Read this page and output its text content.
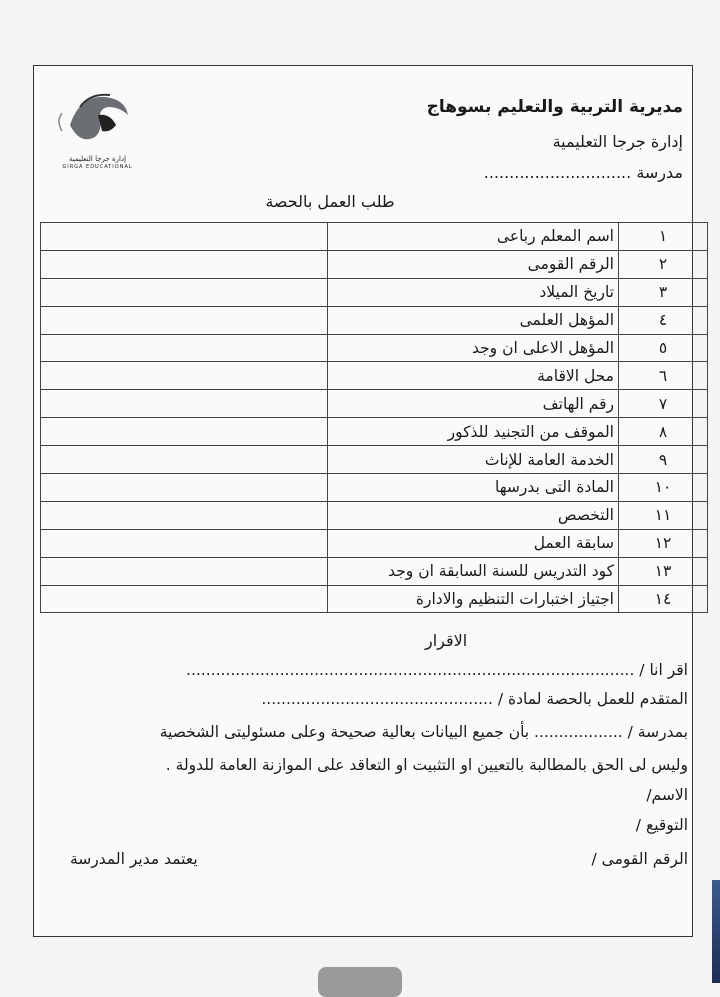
إدارة جرجا التعليمية
GIRGA EDUCATIONAL
مديرية التربية والتعليم بسوهاج
إدارة جرجا التعليمية
مدرسة .............................
طلب العمل بالحصة
١	اسم المعلم رباعى	
٢	الرقم القومى	
٣	تاريخ الميلاد	
٤	المؤهل العلمى	
٥	المؤهل الاعلى ان وجد	
٦	محل الاقامة	
٧	رقم الهاتف	
٨	الموقف من التجنيد للذكور	
٩	الخدمة العامة للإناث	
١٠	المادة التى بدرسها	
١١	التخصص	
١٢	سابقة العمل	
١٣	كود التدريس للسنة السابقة ان وجد	
١٤	اجتياز اختبارات التنظيم والادارة	
الاقرار
اقر انا / ...........................................................................................
المتقدم للعمل بالحصة لمادة / ...............................................
بمدرسة / .................. بأن جميع البيانات بعالية صحيحة وعلى مسئوليتى الشخصية
وليس لى الحق بالمطالبة بالتعيين او التثبيت او التعاقد على الموازنة العامة للدولة .
الاسم/
التوقيع /
الرقم القومى /
يعتمد مدير المدرسة
